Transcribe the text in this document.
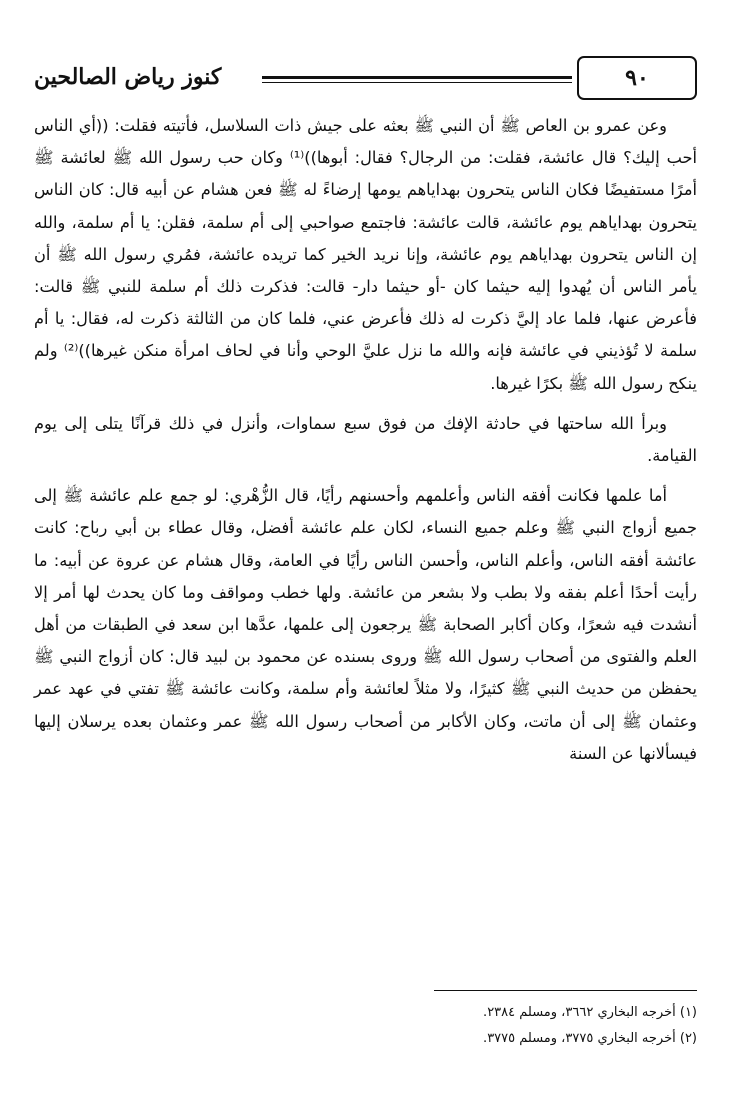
كنوز رياض الصالحين	٩٠

وعن عمرو بن العاص ﷺ أن النبي ﷺ بعثه على جيش ذات السلاسل، فأتيته فقلت: ((أي الناس أحب إليك؟ قال عائشة، فقلت: من الرجال؟ فقال: أبوها))⁽¹⁾ وكان حب رسول الله ﷺ لعائشة ﷺ أمرًا مستفيضًا فكان الناس يتحرون بهداياهم يومها إرضاءً له ﷺ فعن هشام عن أبيه قال: كان الناس يتحرون بهداياهم يوم عائشة، قالت عائشة: فاجتمع صواحبي إلى أم سلمة، فقلن: يا أم سلمة، والله إن الناس يتحرون بهداياهم يوم عائشة، وإنا نريد الخير كما تريده عائشة، فمُري رسول الله ﷺ أن يأمر الناس أن يُهدوا إليه حيثما كان -أو حيثما دار- قالت: فذكرت ذلك أم سلمة للنبي ﷺ قالت: فأعرض عنها، فلما عاد إليَّ ذكرت له ذلك فأعرض عني، فلما كان من الثالثة ذكرت له، فقال: يا أم سلمة لا تُؤذيني في عائشة فإنه والله ما نزل عليَّ الوحي وأنا في لحاف امرأة منكن غيرها))⁽²⁾ ولم ينكح رسول الله ﷺ بكرًا غيرها.

وبرأ الله ساحتها في حادثة الإفك من فوق سبع سماوات، وأنزل في ذلك قرآنًا يتلى إلى يوم القيامة.

أما علمها فكانت أفقه الناس وأعلمهم وأحسنهم رأيًا، قال الزُّهْري: لو جمع علم عائشة ﷺ إلى جميع أزواج النبي ﷺ وعلم جميع النساء، لكان علم عائشة أفضل، وقال عطاء بن أبي رباح: كانت عائشة أفقه الناس، وأعلم الناس، وأحسن الناس رأيًا في العامة، وقال هشام عن عروة عن أبيه: ما رأيت أحدًا أعلم بفقه ولا بطب ولا بشعر من عائشة. ولها خطب ومواقف وما كان يحدث لها أمر إلا أنشدت فيه شعرًا، وكان أكابر الصحابة ﷺ يرجعون إلى علمها، عدَّها ابن سعد في الطبقات من أهل العلم والفتوى من أصحاب رسول الله ﷺ وروى بسنده عن محمود بن لبيد قال: كان أزواج النبي ﷺ يحفظن من حديث النبي ﷺ كثيرًا، ولا مثلاً لعائشة وأم سلمة، وكانت عائشة ﷺ تفتي في عهد عمر وعثمان ﷺ إلى أن ماتت، وكان الأكابر من أصحاب رسول الله ﷺ عمر وعثمان بعده يرسلان إليها فيسألانها عن السنة

(١) أخرجه البخاري ٣٦٦٢، ومسلم ٢٣٨٤.

(٢) أخرجه البخاري ٣٧٧٥، ومسلم ٣٧٧٥.
